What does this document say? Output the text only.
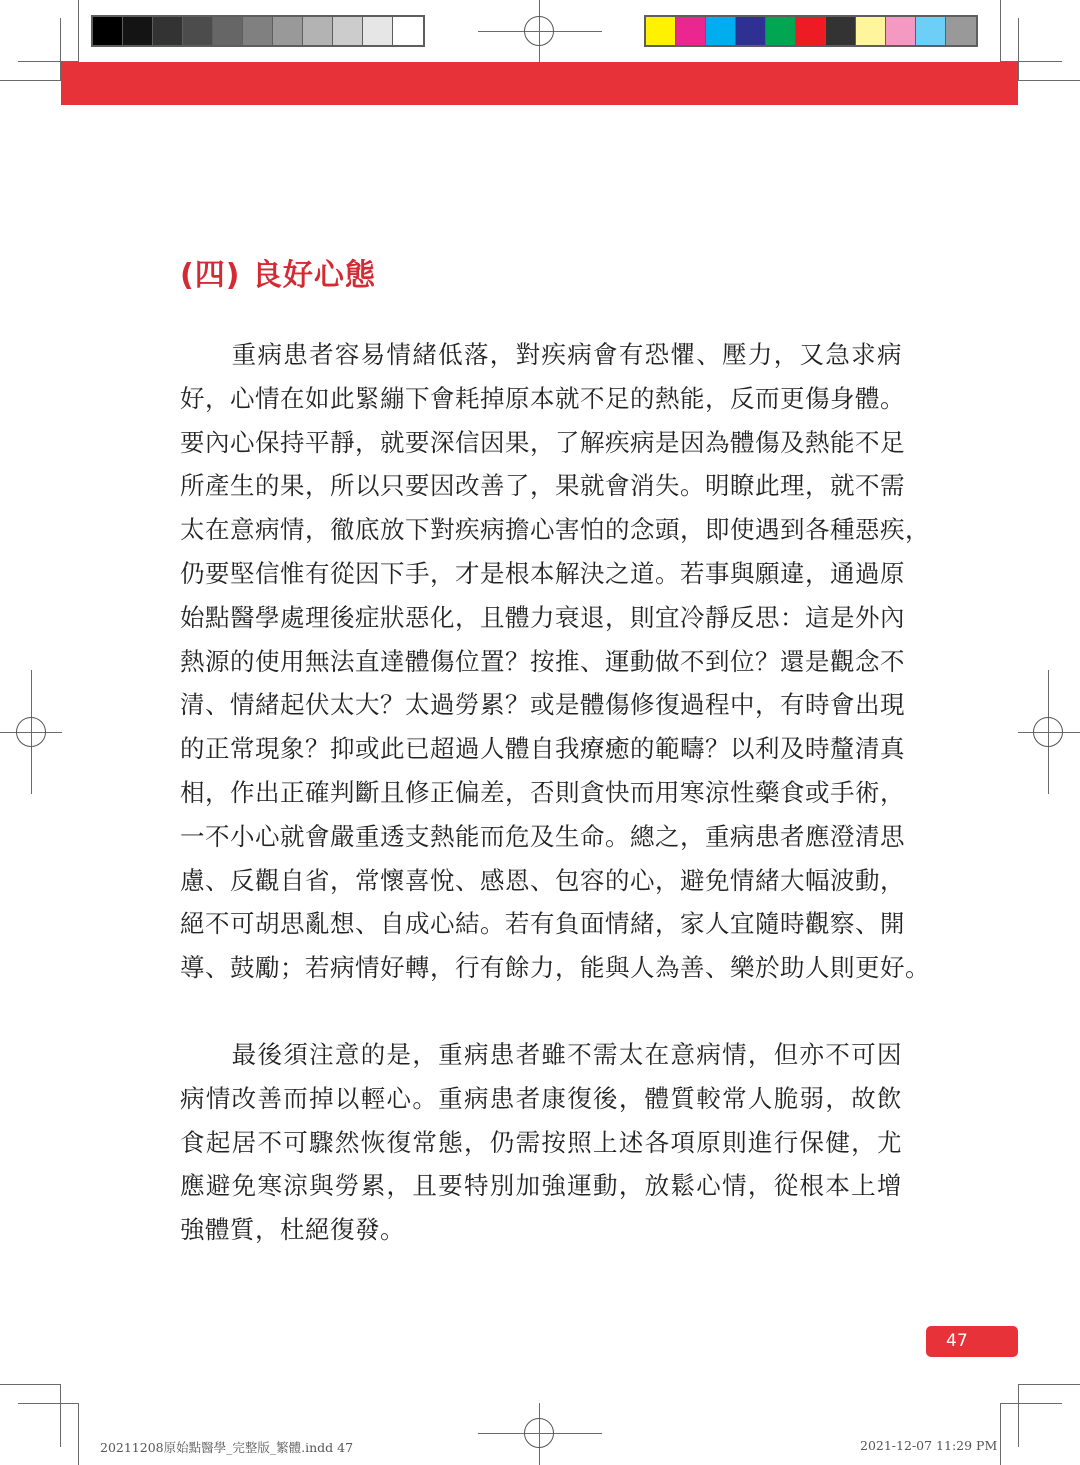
(四) 良好心態
　　重病患者容易情緒低落，對疾病會有恐懼、壓力，又急求病
好，心情在如此緊繃下會耗掉原本就不足的熱能，反而更傷身體。
要內心保持平靜，就要深信因果，了解疾病是因為體傷及熱能不足
所產生的果，所以只要因改善了，果就會消失。明瞭此理，就不需
太在意病情，徹底放下對疾病擔心害怕的念頭，即使遇到各種惡疾，
仍要堅信惟有從因下手，才是根本解決之道。若事與願違，通過原
始點醫學處理後症狀惡化，且體力衰退，則宜冷靜反思：這是外內
熱源的使用無法直達體傷位置？按推、運動做不到位？還是觀念不
清、情緒起伏太大？太過勞累？或是體傷修復過程中，有時會出現
的正常現象？抑或此已超過人體自我療癒的範疇？以利及時釐清真
相，作出正確判斷且修正偏差，否則貪快而用寒涼性藥食或手術，
一不小心就會嚴重透支熱能而危及生命。總之，重病患者應澄清思
慮、反觀自省，常懷喜悅、感恩、包容的心，避免情緒大幅波動，
絕不可胡思亂想、自成心結。若有負面情緒，家人宜隨時觀察、開
導、鼓勵；若病情好轉，行有餘力，能與人為善、樂於助人則更好。
　　最後須注意的是，重病患者雖不需太在意病情，但亦不可因
病情改善而掉以輕心。重病患者康復後，體質較常人脆弱，故飲
食起居不可驟然恢復常態，仍需按照上述各項原則進行保健，尤
應避免寒涼與勞累，且要特別加強運動，放鬆心情，從根本上增
強體質，杜絕復發。
47
20211208原始點醫學_完整版_繁體.indd 47	2021-12-07 11:29 PM
